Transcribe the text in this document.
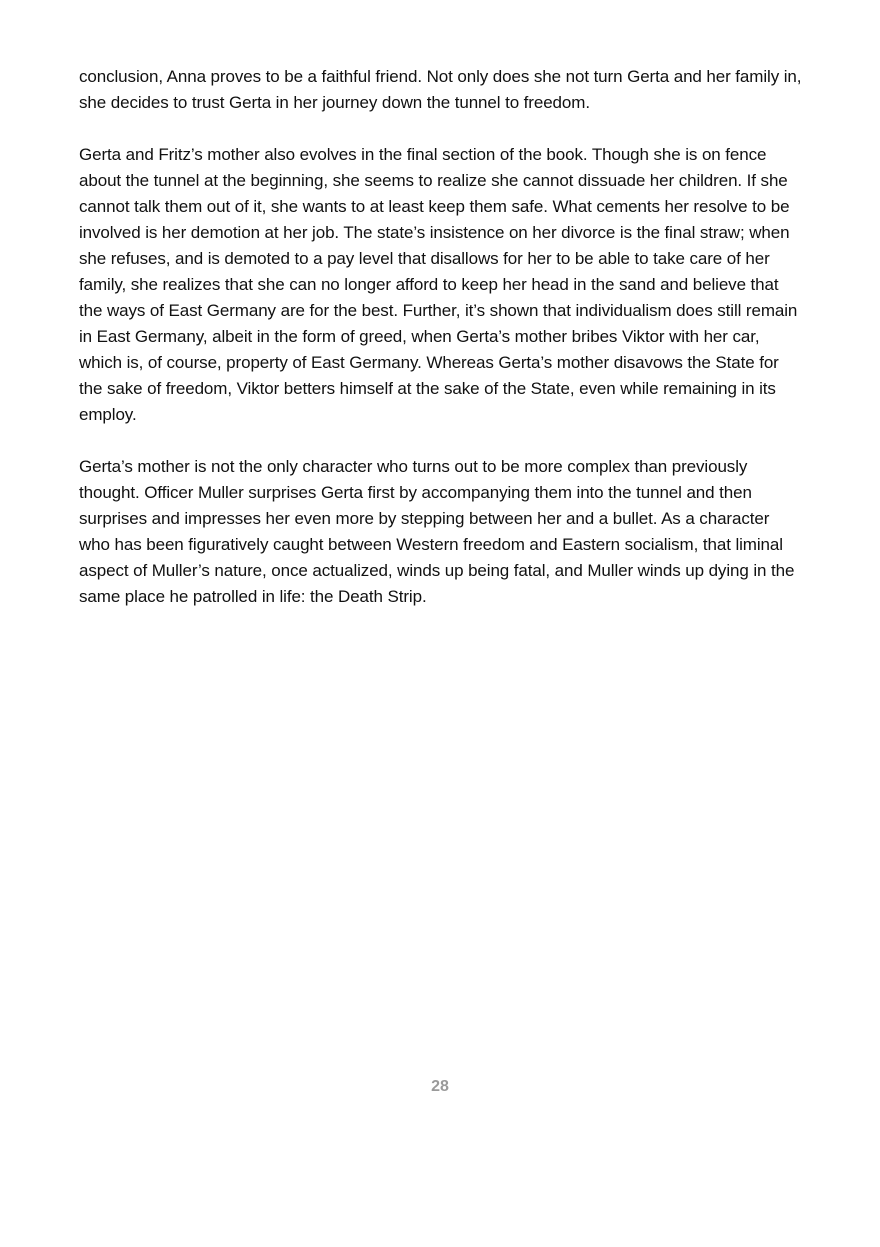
conclusion, Anna proves to be a faithful friend. Not only does she not turn Gerta and her family in, she decides to trust Gerta in her journey down the tunnel to freedom.

Gerta and Fritz’s mother also evolves in the final section of the book. Though she is on fence about the tunnel at the beginning, she seems to realize she cannot dissuade her children. If she cannot talk them out of it, she wants to at least keep them safe. What cements her resolve to be involved is her demotion at her job. The state’s insistence on her divorce is the final straw; when she refuses, and is demoted to a pay level that disallows for her to be able to take care of her family, she realizes that she can no longer afford to keep her head in the sand and believe that the ways of East Germany are for the best. Further, it’s shown that individualism does still remain in East Germany, albeit in the form of greed, when Gerta’s mother bribes Viktor with her car, which is, of course, property of East Germany. Whereas Gerta’s mother disavows the State for the sake of freedom, Viktor betters himself at the sake of the State, even while remaining in its employ.

Gerta’s mother is not the only character who turns out to be more complex than previously thought. Officer Muller surprises Gerta first by accompanying them into the tunnel and then surprises and impresses her even more by stepping between her and a bullet. As a character who has been figuratively caught between Western freedom and Eastern socialism, that liminal aspect of Muller’s nature, once actualized, winds up being fatal, and Muller winds up dying in the same place he patrolled in life: the Death Strip.

28
